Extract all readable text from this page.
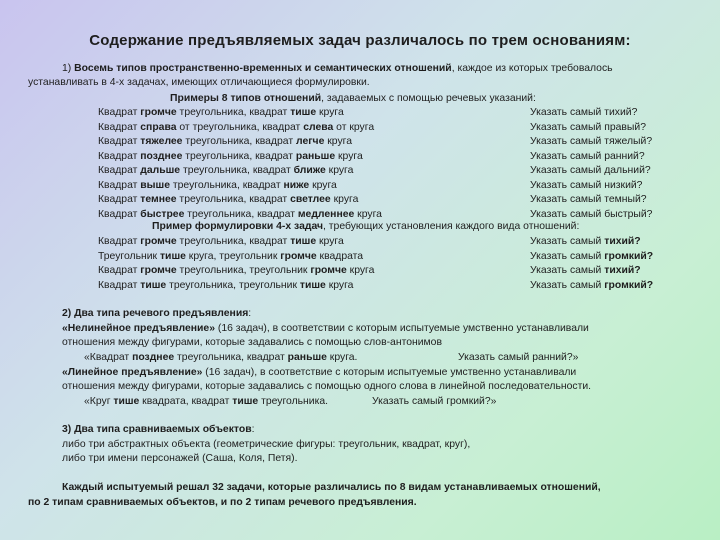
Содержание предъявляемых задач различалось по трем основаниям:
1) Восемь типов пространственно-временных и семантических отношений, каждое из которых требовалось
устанавливать в 4-х задачах, имеющих отличающиеся формулировки.
Примеры 8 типов отношений, задаваемых с помощью речевых указаний:
Квадрат громче треугольника, квадрат тише круга	Указать самый тихий?
Квадрат справа от треугольника, квадрат слева от круга	Указать самый правый?
Квадрат тяжелее треугольника, квадрат легче круга	Указать самый тяжелый?
Квадрат позднее треугольника, квадрат раньше круга	Указать самый ранний?
Квадрат дальше треугольника, квадрат ближе круга	Указать самый дальний?
Квадрат выше треугольника, квадрат ниже круга	Указать самый низкий?
Квадрат темнее треугольника, квадрат светлее круга	Указать самый темный?
Квадрат быстрее треугольника, квадрат медленнее круга	Указать самый быстрый?
Пример формулировки 4-х задач, требующих установления каждого вида отношений:
Квадрат громче треугольника, квадрат тише круга	Указать самый тихий?
Треугольник тише круга, треугольник громче квадрата	Указать самый громкий?
Квадрат громче треугольника, треугольник громче круга	Указать самый тихий?
Квадрат тише треугольника, треугольник тише круга	Указать самый громкий?
2) Два типа речевого предъявления:
«Нелинейное предъявление» (16 задач), в соответствии с которым испытуемые умственно устанавливали
отношения между фигурами, которые задавались с помощью слов-антонимов
«Квадрат позднее треугольника, квадрат раньше круга.	Указать самый ранний?»
«Линейное предъявление» (16 задач), в соответствие с которым испытуемые умственно устанавливали
отношения между фигурами, которые задавались с помощью одного слова в линейной последовательности.
«Круг тише квадрата, квадрат тише треугольника.	Указать самый громкий?»
3) Два типа сравниваемых объектов:
либо три абстрактных объекта (геометрические фигуры: треугольник, квадрат, круг),
либо три имени персонажей (Саша, Коля, Петя).
Каждый испытуемый решал 32 задачи, которые различались по 8 видам устанавливаемых отношений,
по 2 типам сравниваемых объектов, и по 2 типам речевого предъявления.
